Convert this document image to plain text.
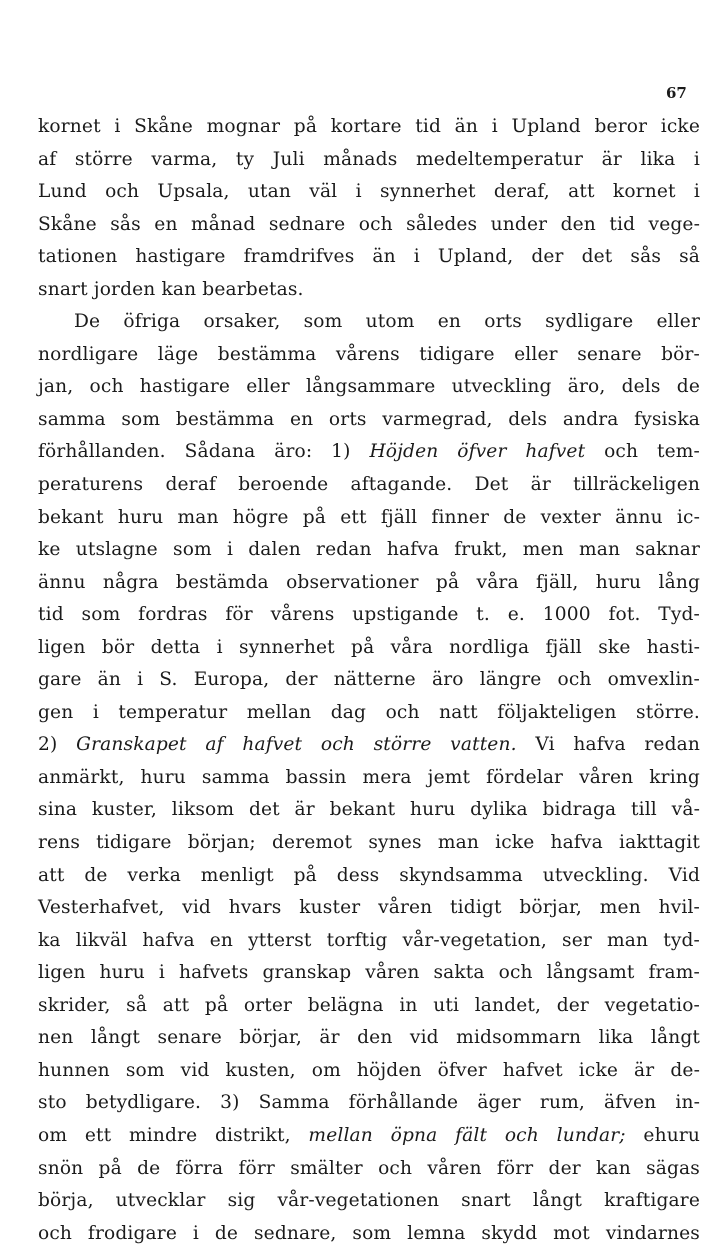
67
kornet i Skåne mognar på kortare tid än i Upland beror icke
af större varma, ty Juli månads medeltemperatur är lika i
Lund och Upsala, utan väl i synnerhet deraf, att kornet i
Skåne sås en månad sednare och således under den tid vege-
tationen hastigare framdrifves än i Upland, der det sås så
snart jorden kan bearbetas.
De öfriga orsaker, som utom en orts sydligare eller
nordligare läge bestämma vårens tidigare eller senare bör-
jan, och hastigare eller långsammare utveckling äro, dels de
samma som bestämma en orts varmegrad, dels andra fysiska
förhållanden. Sådana äro: 1) Höjden öfver hafvet och tem-
peraturens deraf beroende aftagande. Det är tillräckeligen
bekant huru man högre på ett fjäll finner de vexter ännu ic-
ke utslagne som i dalen redan hafva frukt, men man saknar
ännu några bestämda observationer på våra fjäll, huru lång
tid som fordras för vårens upstigande t. e. 1000 fot. Tyd-
ligen bör detta i synnerhet på våra nordliga fjäll ske hasti-
gare än i S. Europa, der nätterne äro längre och omvexlin-
gen i temperatur mellan dag och natt följakteligen större.
2) Granskapet af hafvet och större vatten. Vi hafva redan
anmärkt, huru samma bassin mera jemt fördelar våren kring
sina kuster, liksom det är bekant huru dylika bidraga till vå-
rens tidigare början; deremot synes man icke hafva iakttagit
att de verka menligt på dess skyndsamma utveckling. Vid
Vesterhafvet, vid hvars kuster våren tidigt börjar, men hvil-
ka likväl hafva en ytterst torftig vår-vegetation, ser man tyd-
ligen huru i hafvets granskap våren sakta och långsamt fram-
skrider, så att på orter belägna in uti landet, der vegetatio-
nen långt senare börjar, är den vid midsommarn lika långt
hunnen som vid kusten, om höjden öfver hafvet icke är de-
sto betydligare. 3) Samma förhållande äger rum, äfven in-
om ett mindre distrikt, mellan öpna fält och lundar; ehuru
snön på de förra förr smälter och våren förr der kan sägas
börja, utvecklar sig vår-vegetationen snart långt kraftigare
och frodigare i de sednare, som lemna skydd mot vindarnes
